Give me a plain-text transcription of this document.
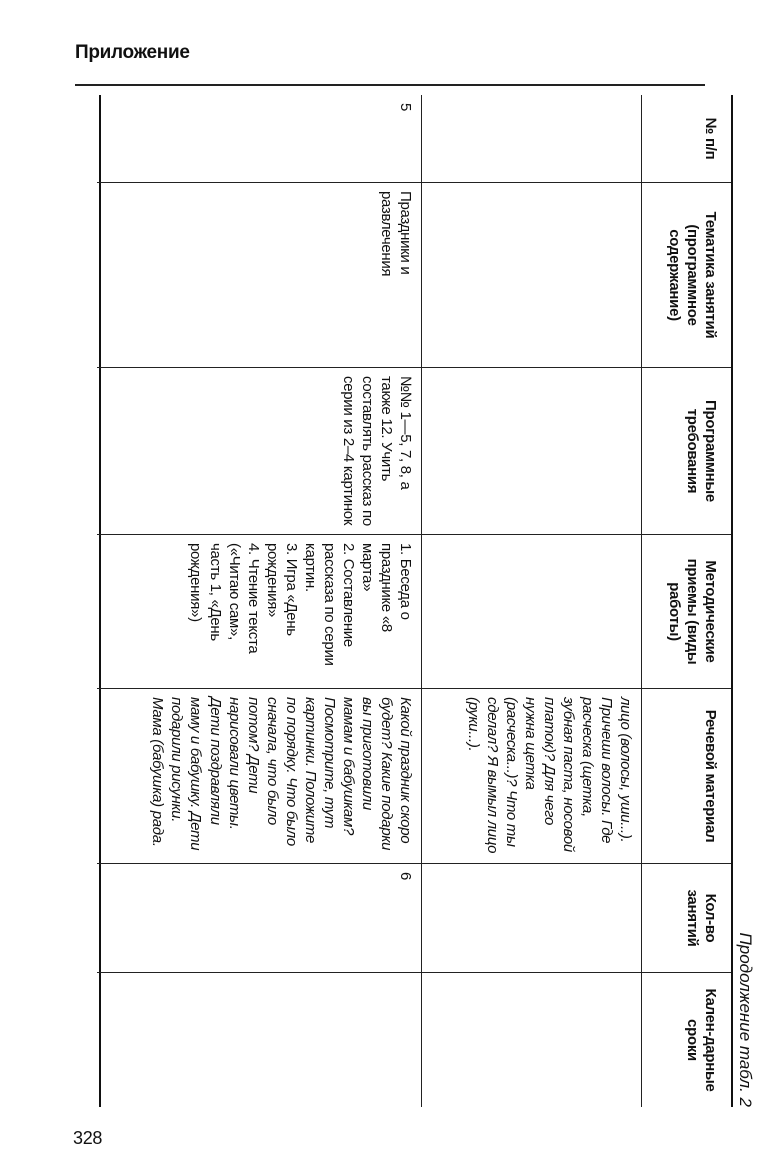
Приложение
Продолжение табл. 2
№ п/п
Тематика занятий (программное содержание)
Программные требования
Методические приемы (виды работы)
Речевой материал
Кол-во занятий
Кален-дарные сроки
лицо (волосы, уши...). Причеши волосы. Где расческа (щетка, зубная паста, носовой платок)? Для чего нужна щетка (расческа...)? Что ты сделал? Я вымыл лицо (руки...).
5
Праздники и развлечения
№№ 1—5, 7, 8, а также 12. Учить составлять рассказ по серии из 2–4 картинок
1. Беседа о празднике «8 марта»
2. Составление рассказа по серии картин.
3. Игра «День рождения»
4. Чтение текста («Читаю сам», часть 1, «День рождения»)
Какой праздник скоро будет? Какие подарки вы приготовили мамам и бабушкам? Посмотрите, тут картинки. Положите по порядку. Что было сначала, что было потом? Дети нарисовали цветы. Дети поздравляли маму и бабушку. Дети подарили рисунки. Мама (бабушка) рада.
6
328
